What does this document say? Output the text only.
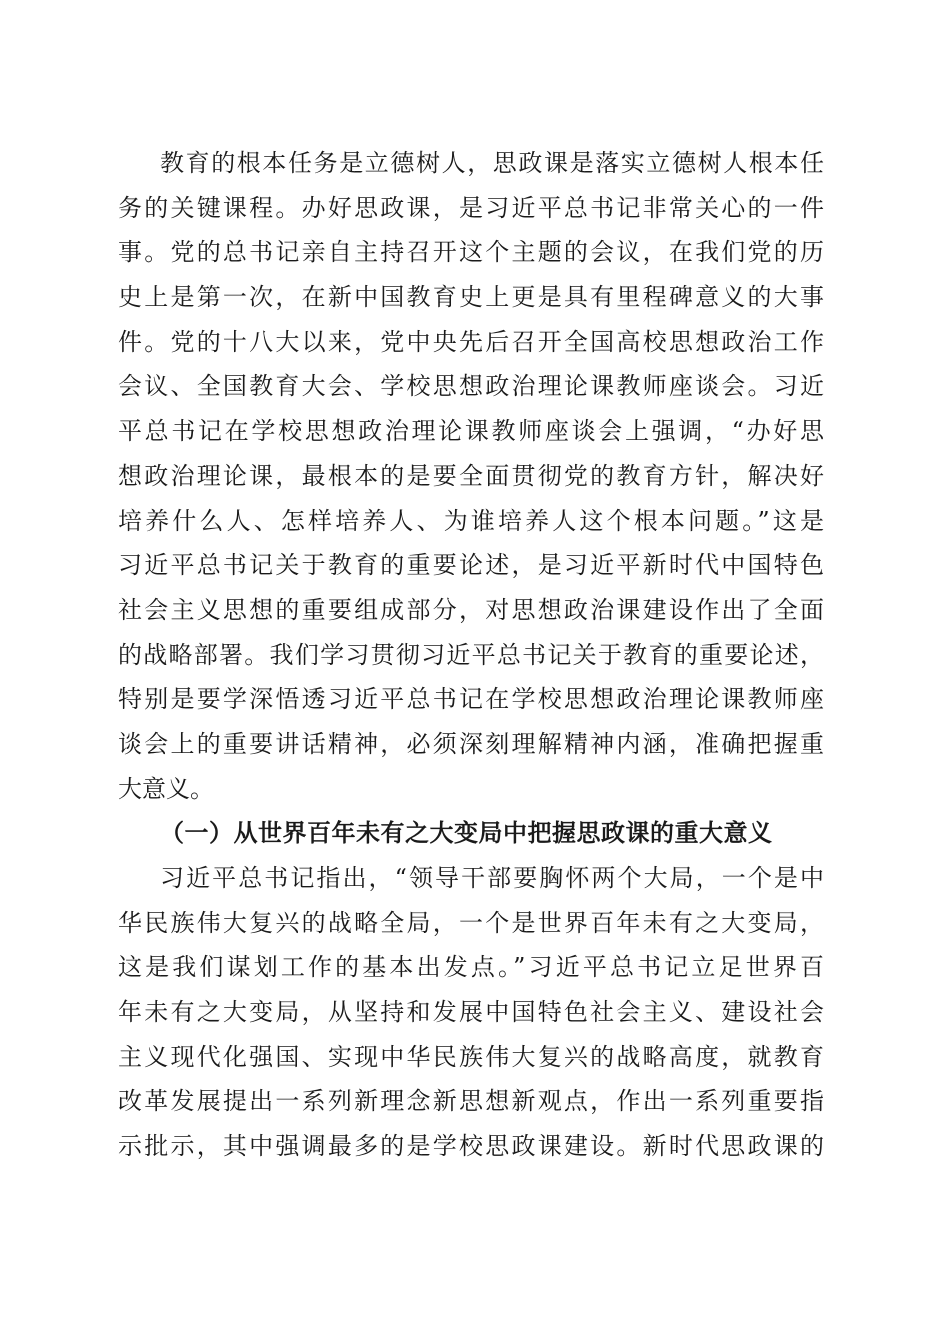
教育的根本任务是立德树人，思政课是落实立德树人根本任
务的关键课程。办好思政课，是习近平总书记非常关心的一件
事。党的总书记亲自主持召开这个主题的会议，在我们党的历
史上是第一次，在新中国教育史上更是具有里程碑意义的大事
件。党的十八大以来，党中央先后召开全国高校思想政治工作
会议、全国教育大会、学校思想政治理论课教师座谈会。习近
平总书记在学校思想政治理论课教师座谈会上强调，“办好思
想政治理论课，最根本的是要全面贯彻党的教育方针，解决好
培养什么人、怎样培养人、为谁培养人这个根本问题。”这是
习近平总书记关于教育的重要论述，是习近平新时代中国特色
社会主义思想的重要组成部分，对思想政治课建设作出了全面
的战略部署。我们学习贯彻习近平总书记关于教育的重要论述，
特别是要学深悟透习近平总书记在学校思想政治理论课教师座
谈会上的重要讲话精神，必须深刻理解精神内涵，准确把握重
大意义。
（一）从世界百年未有之大变局中把握思政课的重大意义
习近平总书记指出，“领导干部要胸怀两个大局，一个是中
华民族伟大复兴的战略全局，一个是世界百年未有之大变局，
这是我们谋划工作的基本出发点。”习近平总书记立足世界百
年未有之大变局，从坚持和发展中国特色社会主义、建设社会
主义现代化强国、实现中华民族伟大复兴的战略高度，就教育
改革发展提出一系列新理念新思想新观点，作出一系列重要指
示批示，其中强调最多的是学校思政课建设。新时代思政课的
